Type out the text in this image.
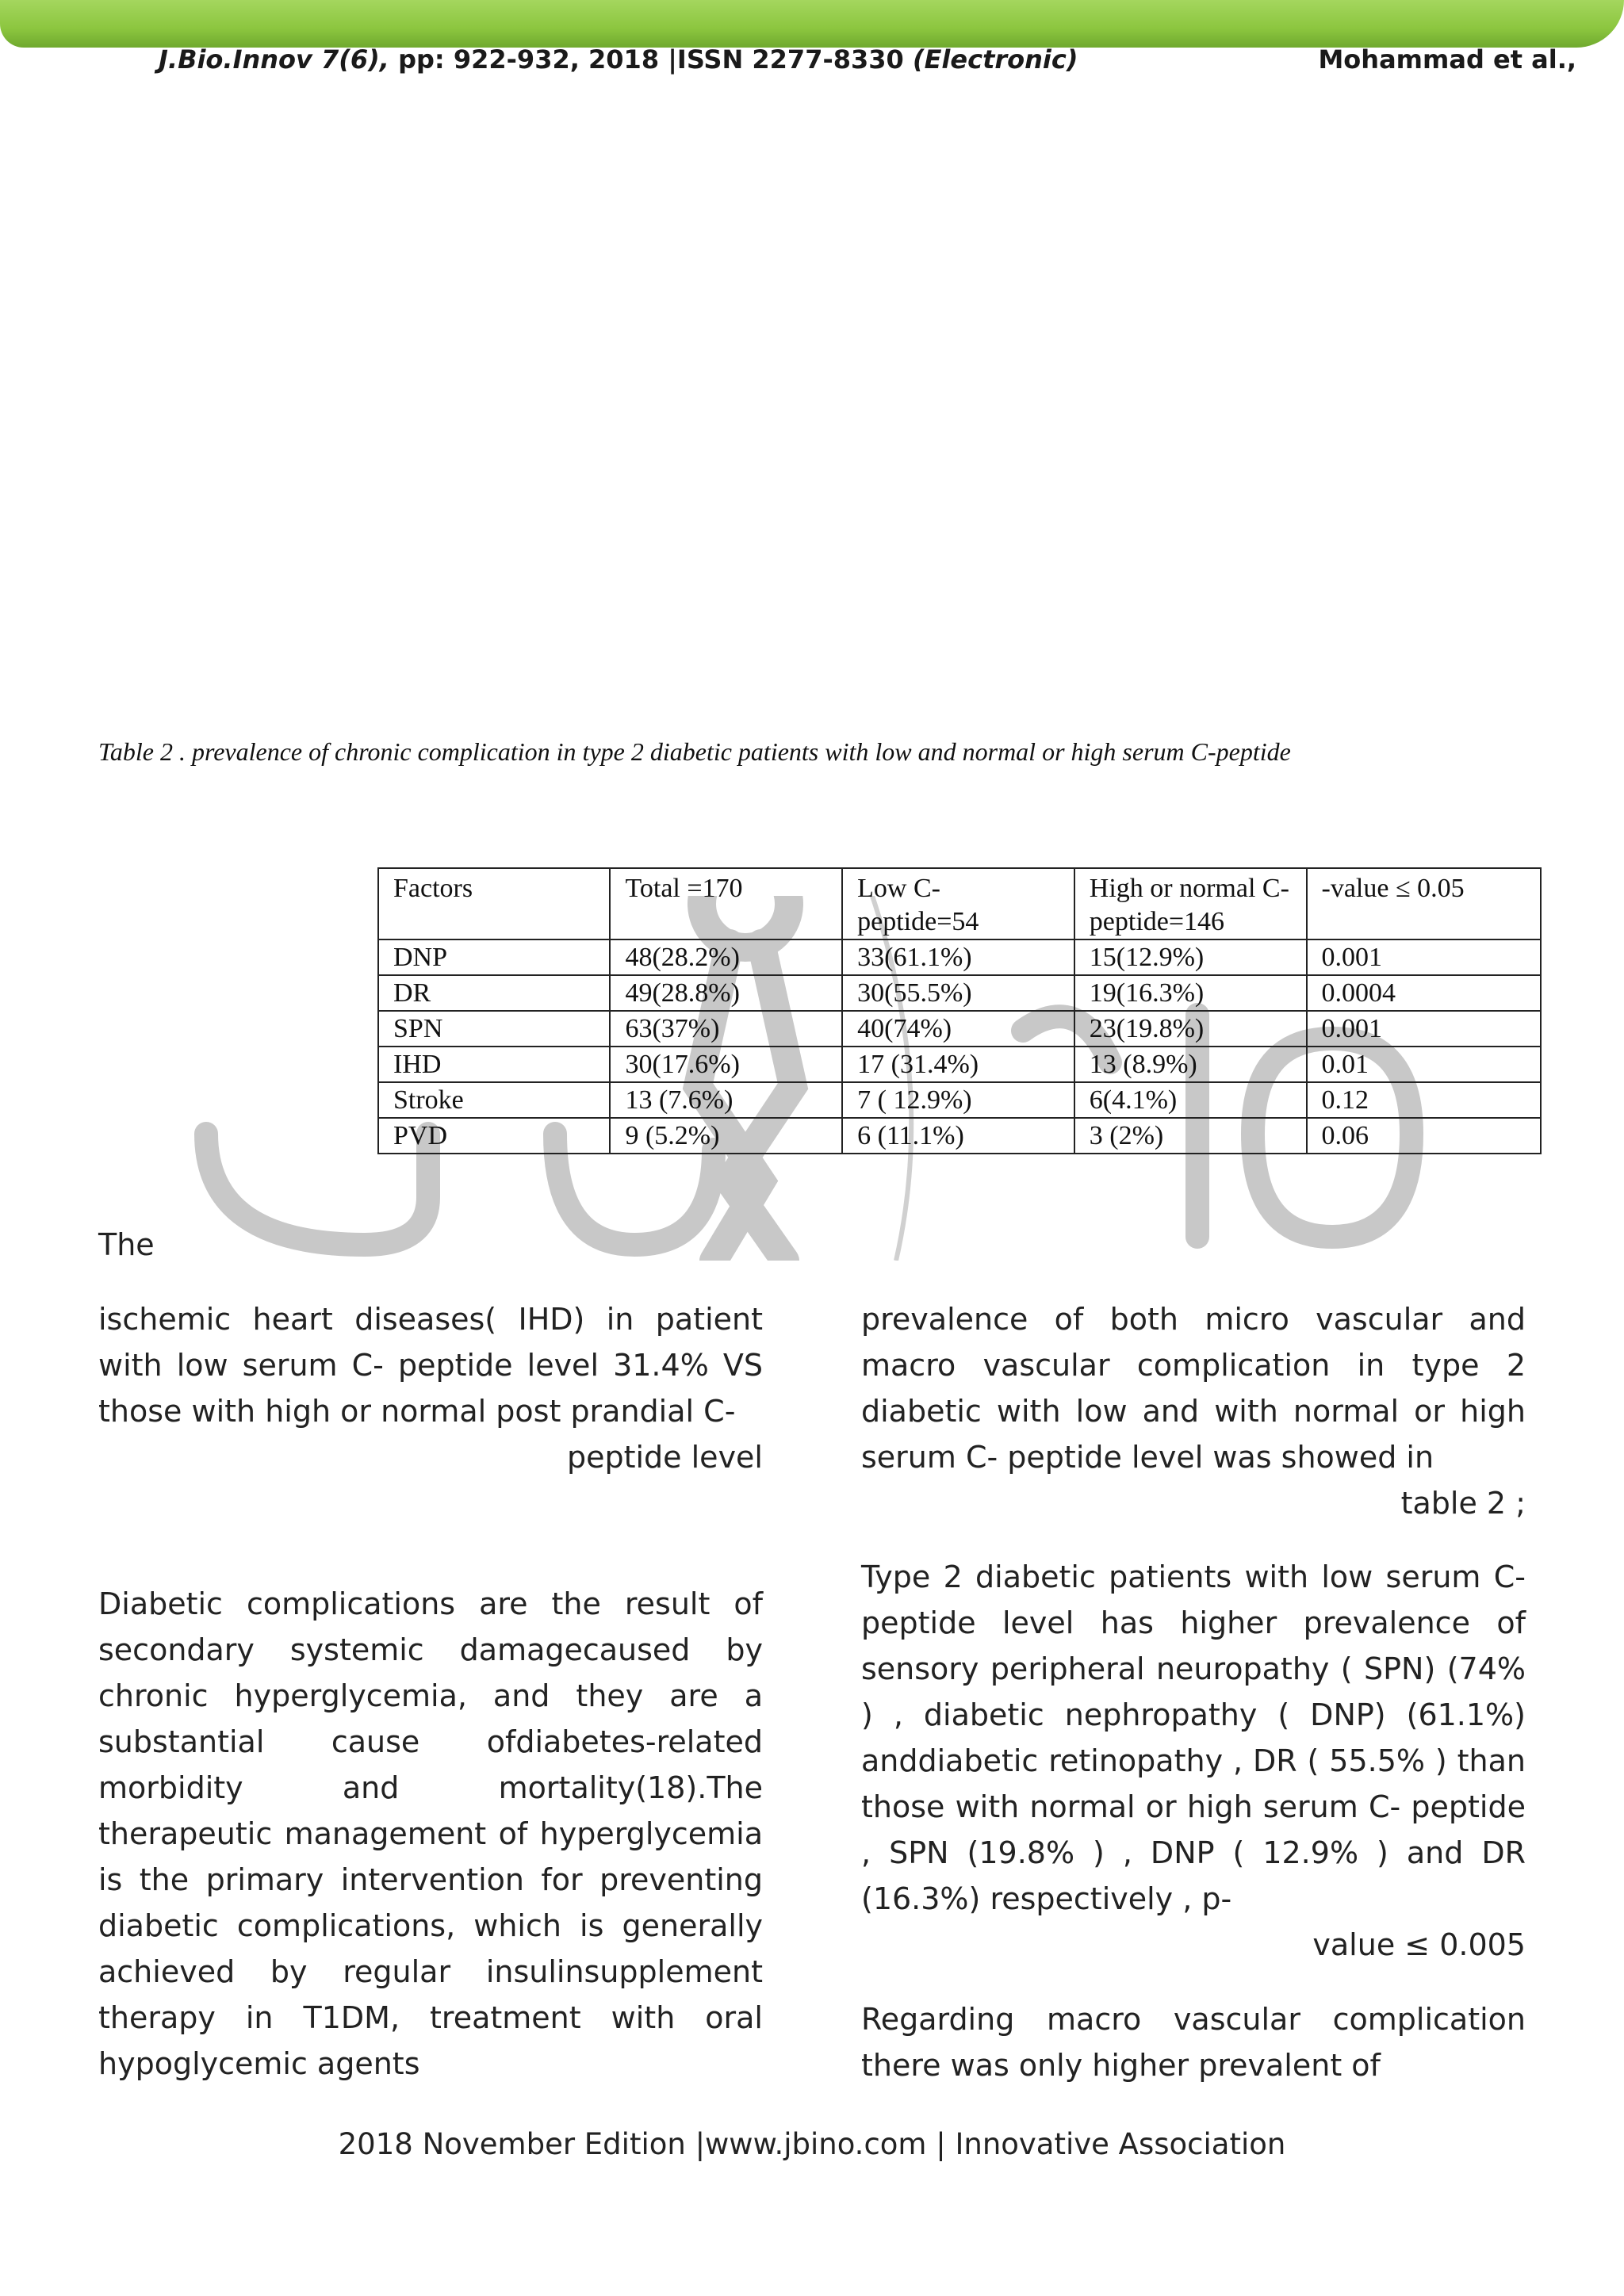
J.Bio.Innov 7(6), pp: 922-932, 2018 |ISSN 2277-8330 (Electronic)	Mohammad et al.,
Table 2 . prevalence of chronic complication in type 2 diabetic patients with low and normal or high serum C-peptide
Factors	Total =170	Low C- peptide=54	High or normal C-peptide=146	-value ≤ 0.05
DNP	48(28.2%)	33(61.1%)	15(12.9%)	0.001
DR	49(28.8%)	30(55.5%)	19(16.3%)	0.0004
SPN	63(37%)	40(74%)	23(19.8%)	0.001
IHD	30(17.6%)	17 (31.4%)	13 (8.9%)	0.01
Stroke	13 (7.6%)	7 ( 12.9%)	6(4.1%)	0.12
PVD	9 (5.2%)	6 (11.1%)	3 (2%)	0.06
The

ischemic heart diseases( IHD) in patient with low serum C- peptide level 31.4% VS those with high or normal post prandial C-

peptide level

Diabetic complications are the result of secondary systemic damagecaused by chronic hyperglycemia, and they are a substantial cause ofdiabetes-related morbidity and mortality(18).The therapeutic management of hyperglycemia is the primary intervention for preventing diabetic complications, which is generally achieved by regular insulinsupplement therapy in T1DM, treatment with oral hypoglycemic agents

prevalence of both micro vascular and macro vascular complication in type 2 diabetic with low and with normal or high serum C- peptide level was showed in

table 2 ;

Type 2 diabetic patients with low serum C- peptide level has higher prevalence of sensory peripheral neuropathy ( SPN) (74% ) , diabetic nephropathy ( DNP) (61.1%) anddiabetic retinopathy , DR ( 55.5% ) than those with normal or high serum C- peptide , SPN (19.8% ) , DNP ( 12.9% ) and DR (16.3%) respectively , p-

value ≤ 0.005

Regarding macro vascular complication there was only higher prevalent of

2018 November Edition |www.jbino.com | Innovative Association
